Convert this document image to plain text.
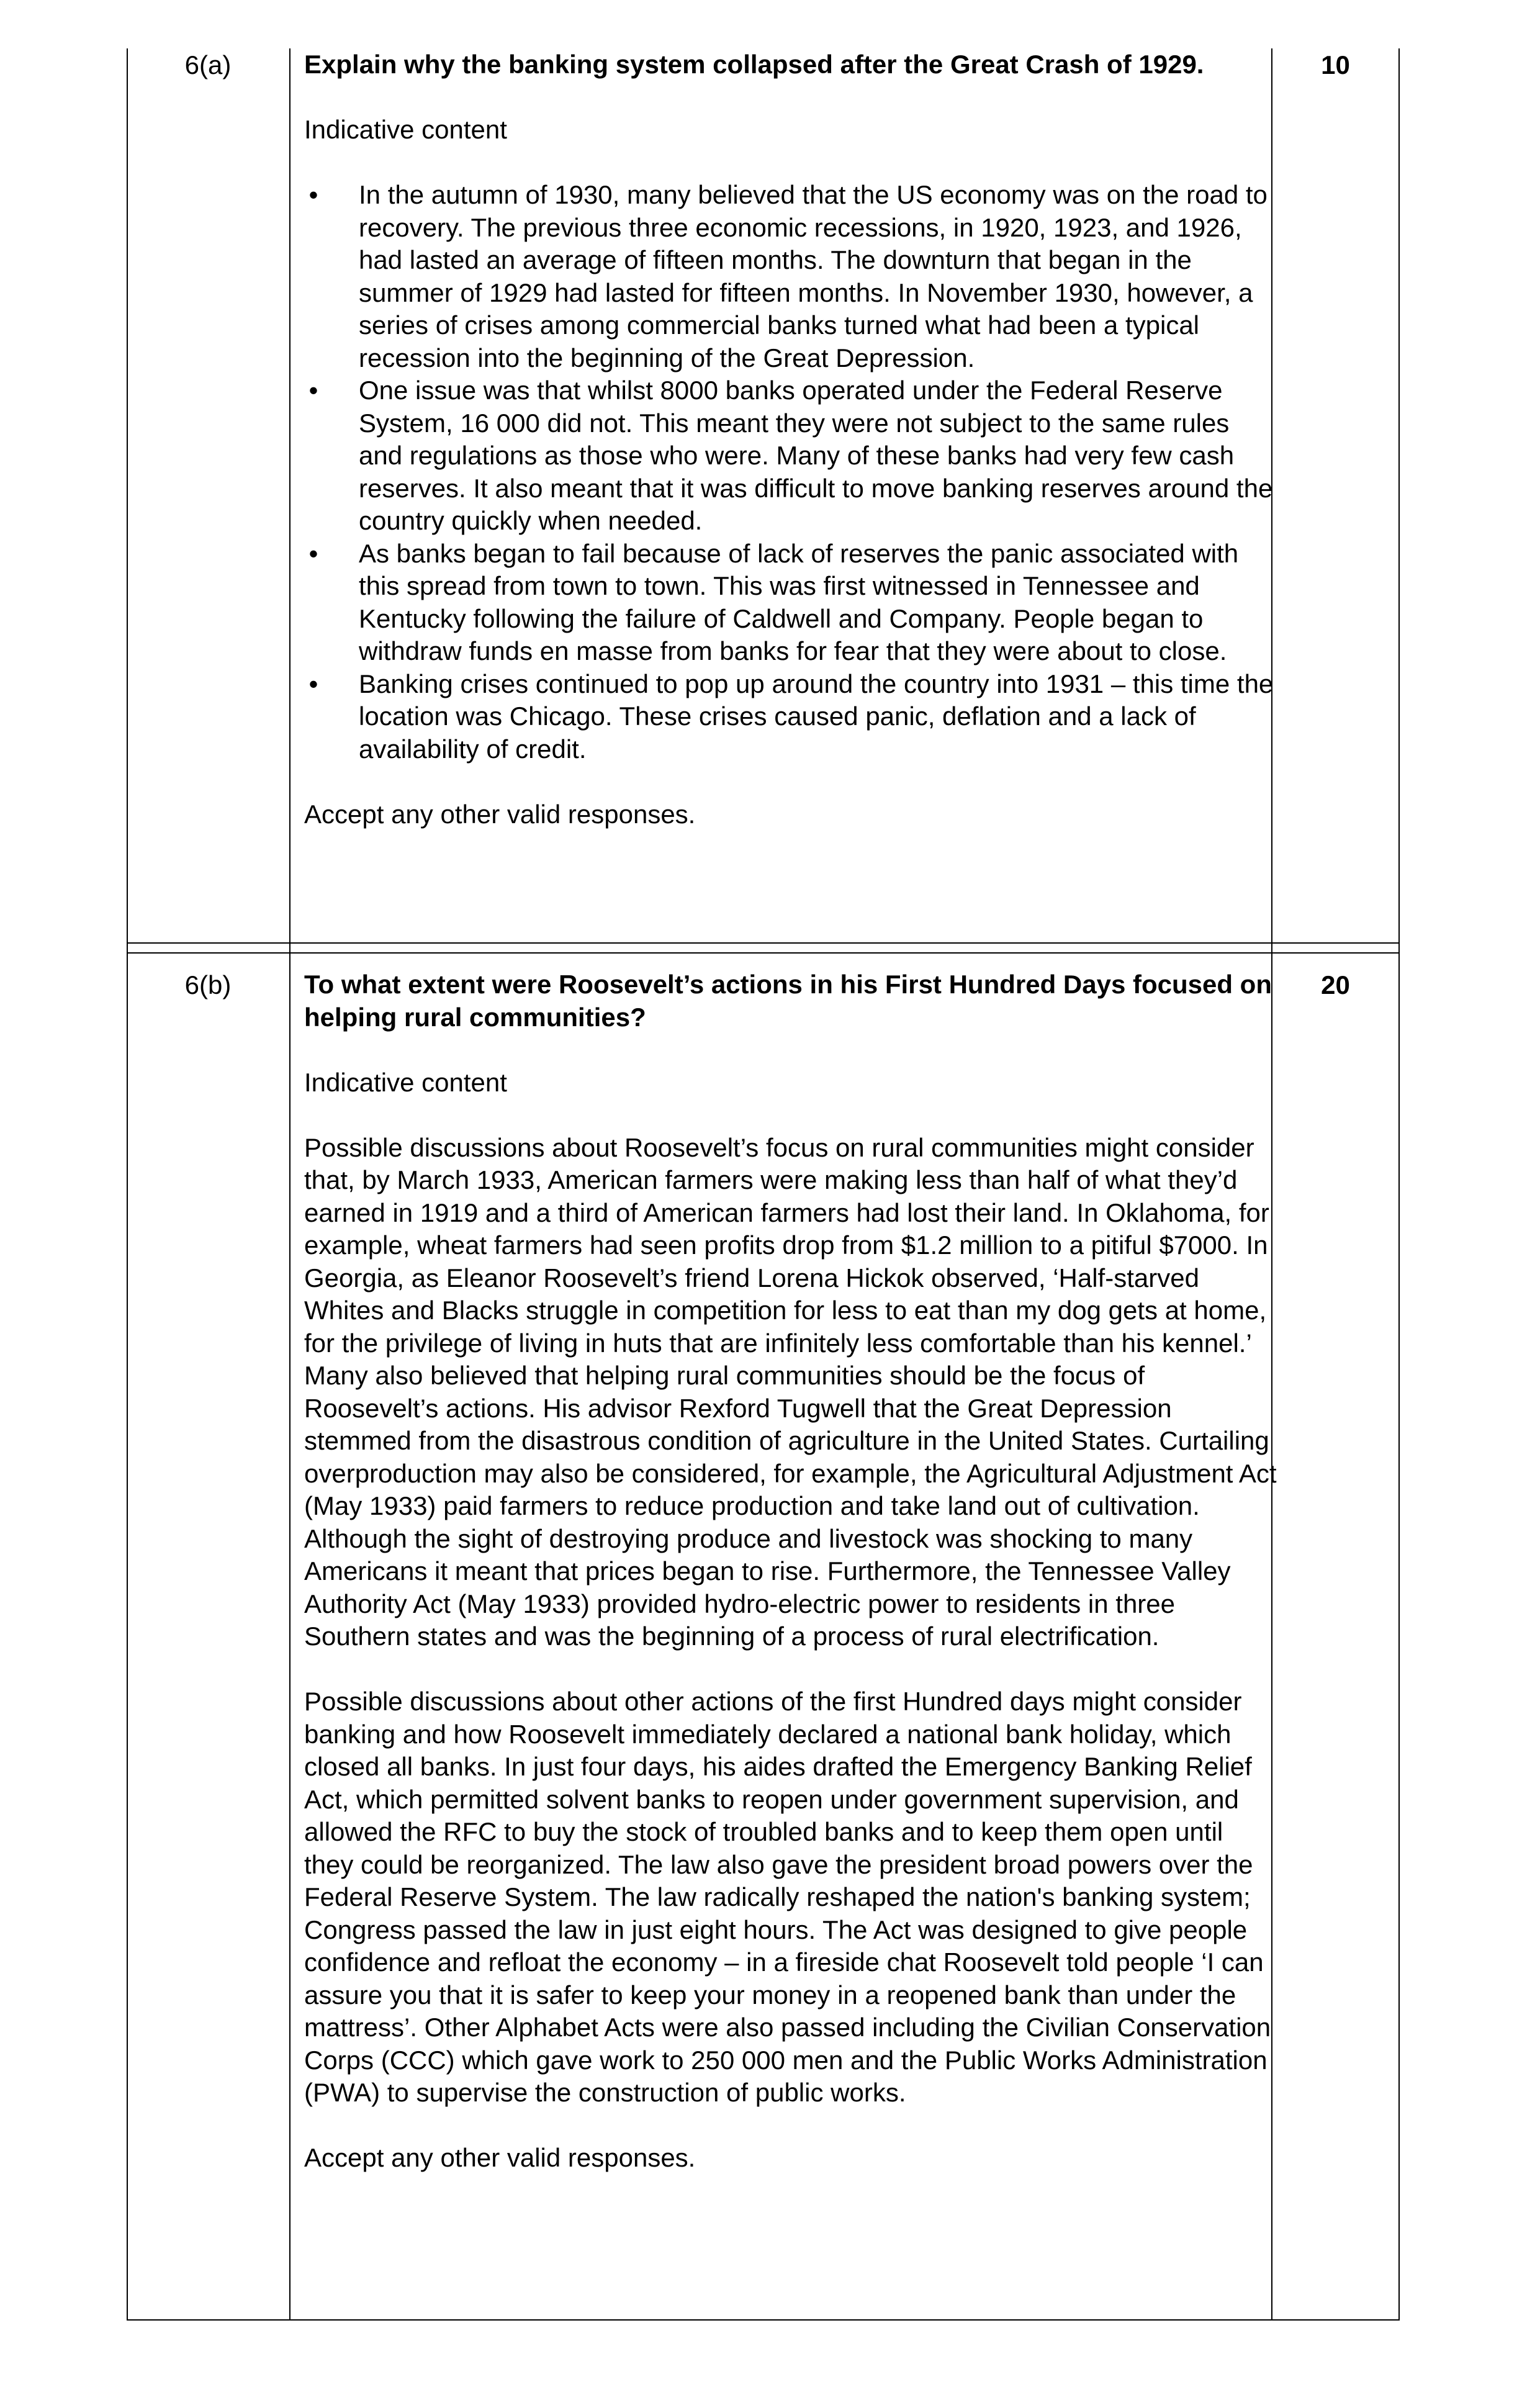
6(a)	Explain why the banking system collapsed after the Great Crash of 1929.

Indicative content

• In the autumn of 1930, many believed that the US economy was on the road to recovery. The previous three economic recessions, in 1920, 1923, and 1926, had lasted an average of fifteen months. The downturn that began in the summer of 1929 had lasted for fifteen months. In November 1930, however, a series of crises among commercial banks turned what had been a typical recession into the beginning of the Great Depression.
• One issue was that whilst 8000 banks operated under the Federal Reserve System, 16 000 did not. This meant they were not subject to the same rules and regulations as those who were. Many of these banks had very few cash reserves. It also meant that it was difficult to move banking reserves around the country quickly when needed.
• As banks began to fail because of lack of reserves the panic associated with this spread from town to town. This was first witnessed in Tennessee and Kentucky following the failure of Caldwell and Company. People began to withdraw funds en masse from banks for fear that they were about to close.
• Banking crises continued to pop up around the country into 1931 – this time the location was Chicago. These crises caused panic, deflation and a lack of availability of credit.

Accept any other valid responses.

10
6(b)	To what extent were Roosevelt’s actions in his First Hundred Days focused on helping rural communities?

Indicative content

Possible discussions about Roosevelt’s focus on rural communities might consider that, by March 1933, American farmers were making less than half of what they’d earned in 1919 and a third of American farmers had lost their land. In Oklahoma, for example, wheat farmers had seen profits drop from $1.2 million to a pitiful $7000. In Georgia, as Eleanor Roosevelt’s friend Lorena Hickok observed, ‘Half-starved Whites and Blacks struggle in competition for less to eat than my dog gets at home, for the privilege of living in huts that are infinitely less comfortable than his kennel.’ Many also believed that helping rural communities should be the focus of Roosevelt’s actions. His advisor Rexford Tugwell that the Great Depression stemmed from the disastrous condition of agriculture in the United States. Curtailing overproduction may also be considered, for example, the Agricultural Adjustment Act (May 1933) paid farmers to reduce production and take land out of cultivation. Although the sight of destroying produce and livestock was shocking to many Americans it meant that prices began to rise. Furthermore, the Tennessee Valley Authority Act (May 1933) provided hydro-electric power to residents in three Southern states and was the beginning of a process of rural electrification.

Possible discussions about other actions of the first Hundred days might consider banking and how Roosevelt immediately declared a national bank holiday, which closed all banks. In just four days, his aides drafted the Emergency Banking Relief Act, which permitted solvent banks to reopen under government supervision, and allowed the RFC to buy the stock of troubled banks and to keep them open until they could be reorganized. The law also gave the president broad powers over the Federal Reserve System. The law radically reshaped the nation's banking system; Congress passed the law in just eight hours. The Act was designed to give people confidence and refloat the economy – in a fireside chat Roosevelt told people ‘I can assure you that it is safer to keep your money in a reopened bank than under the mattress’. Other Alphabet Acts were also passed including the Civilian Conservation Corps (CCC) which gave work to 250 000 men and the Public Works Administration (PWA) to supervise the construction of public works.

Accept any other valid responses.

20
